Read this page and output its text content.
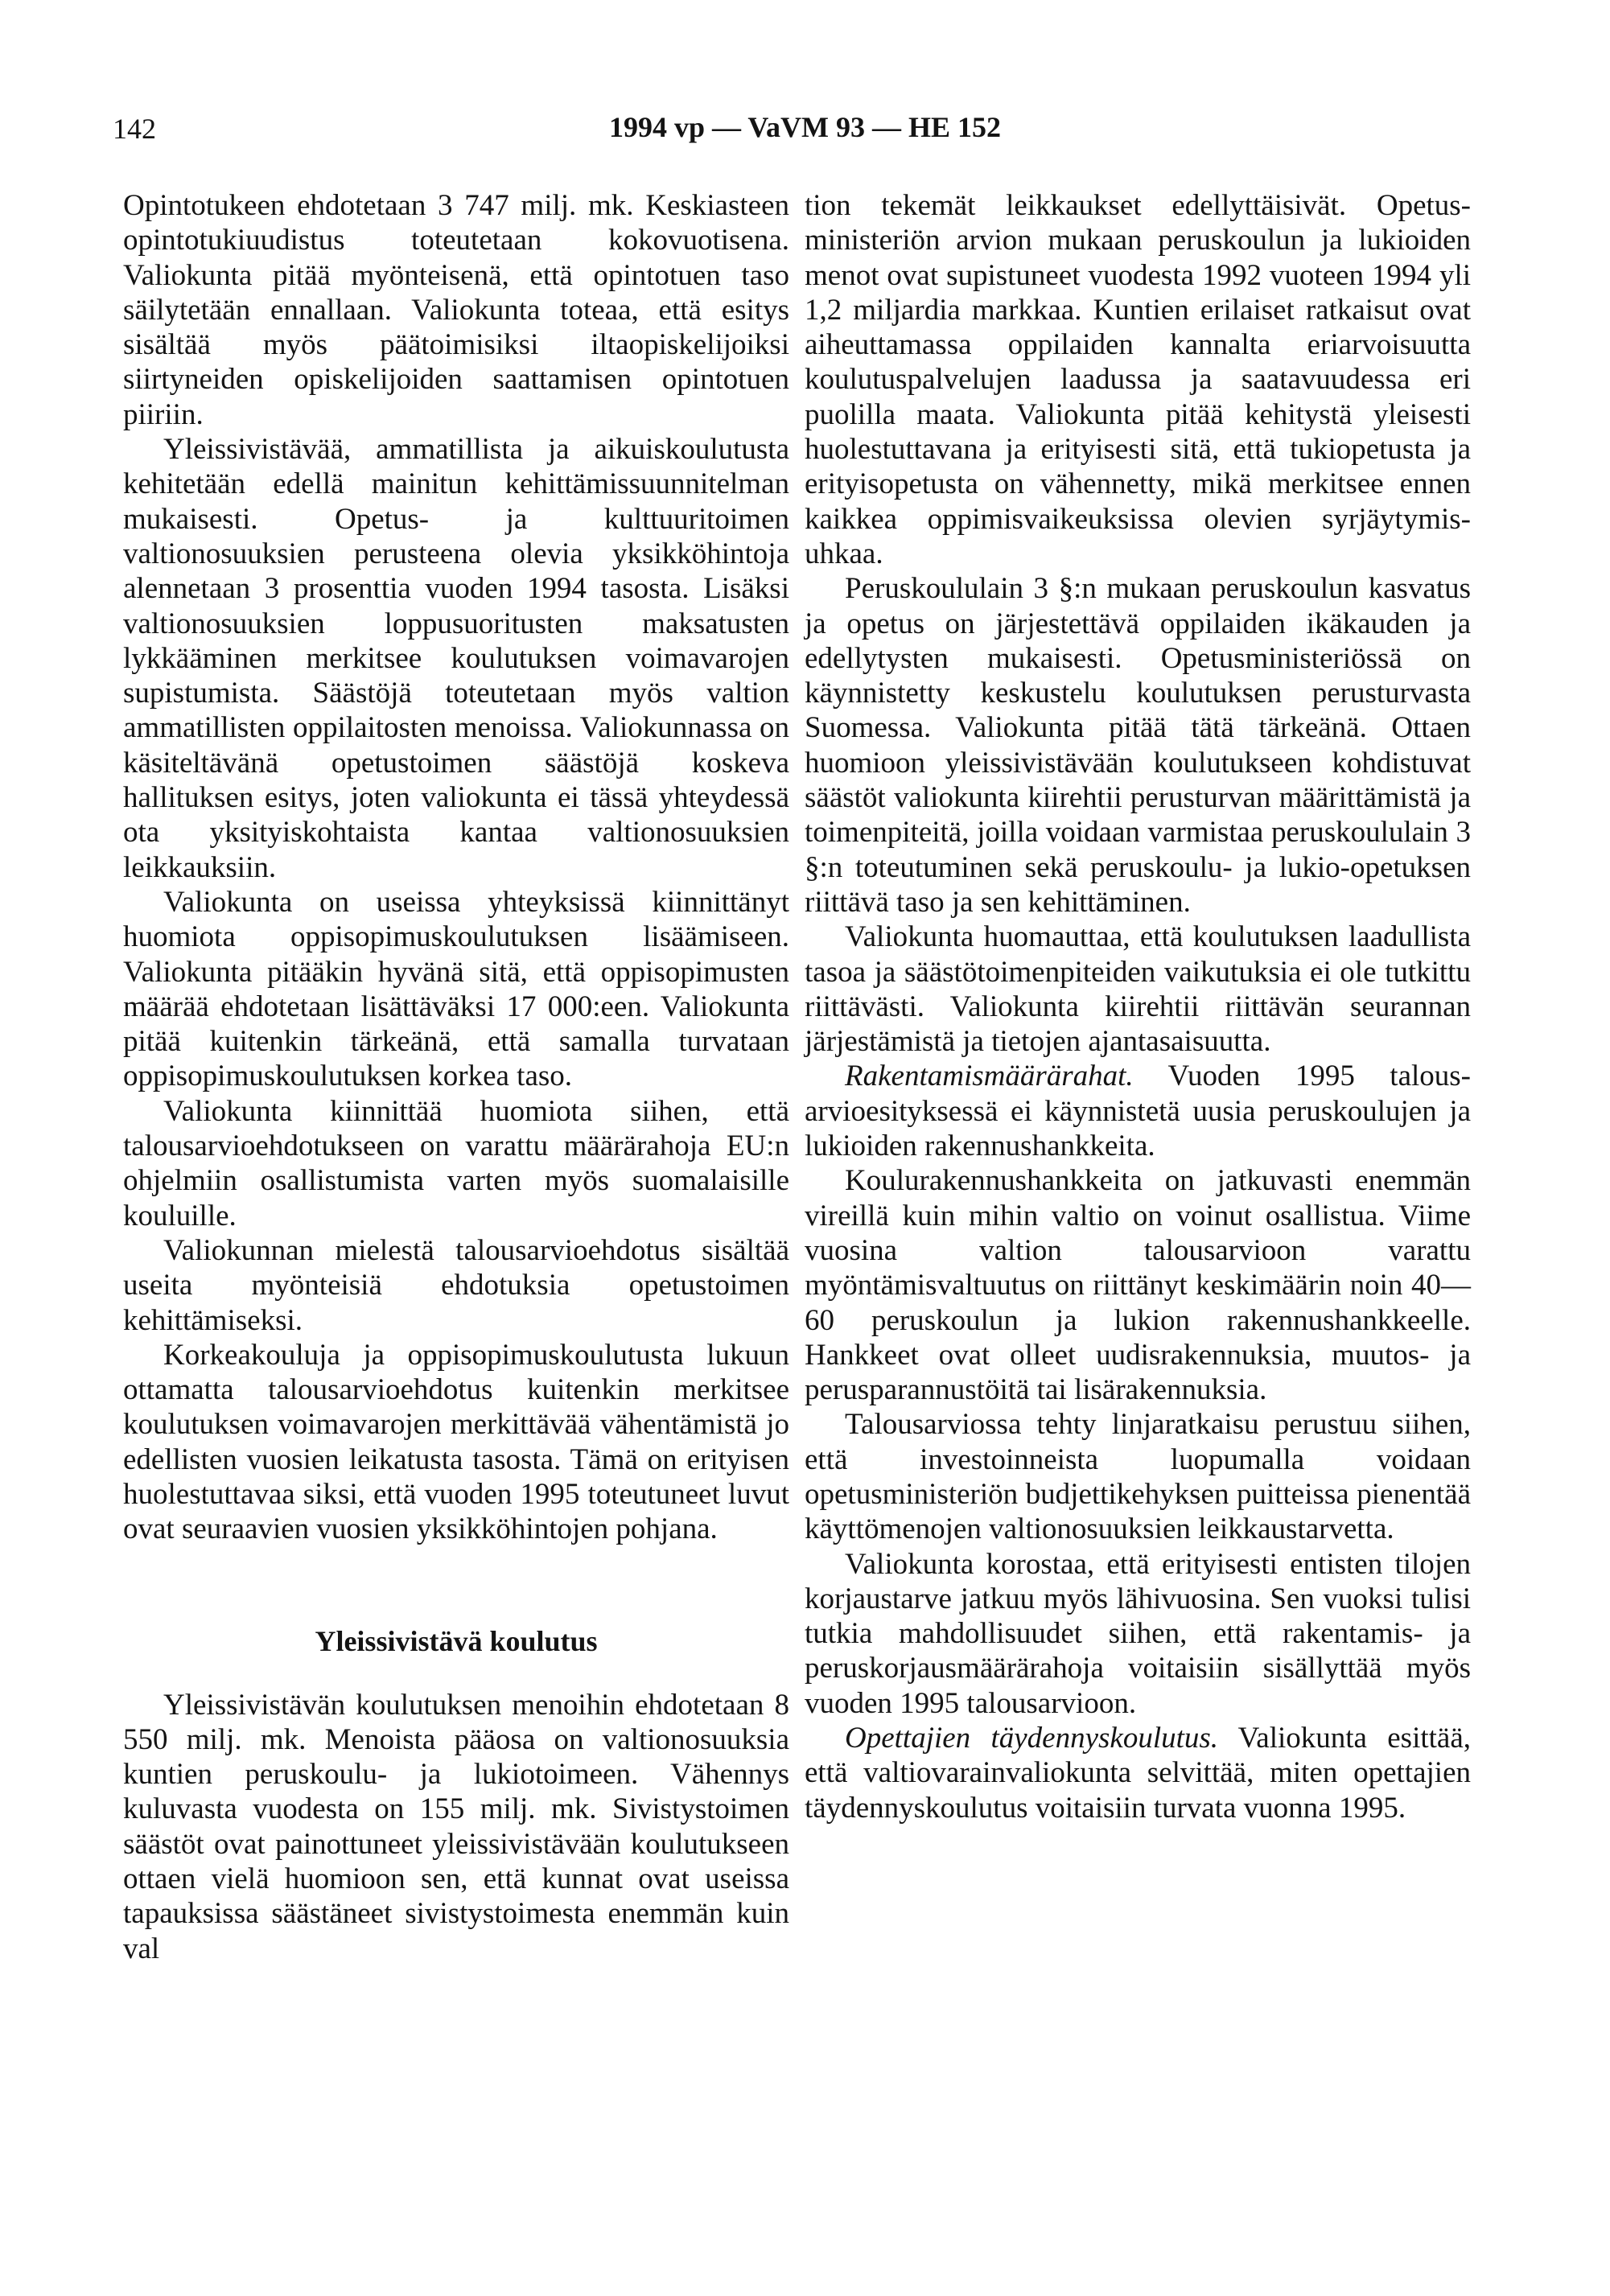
142	1994 vp — VaVM 93 — HE 152

Opintotukeen ehdotetaan 3 747 milj. mk. Keskiasteen opintotukiuudistus toteutetaan kokovuotisena. Valiokunta pitää myönteisenä, että opintotuen taso säilytetään ennallaan. Valiokunta toteaa, että esitys sisältää myös päätoimisiksi iltaopiskelijoiksi siirtyneiden opiskelijoiden saattamisen opintotuen piiriin.

Yleissivistävää, ammatillista ja aikuiskoulutusta kehitetään edellä mainitun kehittämissuunnitelman mukaisesti. Opetus- ja kulttuuritoimen valtionosuuksien perusteena olevia yksikköhintoja alennetaan 3 prosenttia vuoden 1994 tasosta. Lisäksi valtionosuuksien loppusuoritusten maksatusten lykkääminen merkitsee koulutuksen voimavarojen supistumista. Säästöjä toteutetaan myös valtion ammatillisten oppilaitosten menoissa. Valiokunnassa on käsiteltävänä opetustoimen säästöjä koskeva hallituksen esitys, joten valiokunta ei tässä yhteydessä ota yksityiskohtaista kantaa valtionosuuksien leikkauksiin.

Valiokunta on useissa yhteyksissä kiinnittänyt huomiota oppisopimuskoulutuksen lisäämiseen. Valiokunta pitääkin hyvänä sitä, että oppisopimusten määrää ehdotetaan lisättäväksi 17 000:een. Valiokunta pitää kuitenkin tärkeänä, että samalla turvataan oppisopimuskoulutuksen korkea taso.

Valiokunta kiinnittää huomiota siihen, että talousarvioehdotukseen on varattu määrärahoja EU:n ohjelmiin osallistumista varten myös suomalaisille kouluille.

Valiokunnan mielestä talousarvioehdotus sisältää useita myönteisiä ehdotuksia opetustoimen kehittämiseksi.

Korkeakouluja ja oppisopimuskoulutusta lukuun ottamatta talousarvioehdotus kuitenkin merkitsee koulutuksen voimavarojen merkittävää vähentämistä jo edellisten vuosien leikatusta tasosta. Tämä on erityisen huolestuttavaa siksi, että vuoden 1995 toteutuneet luvut ovat seuraavien vuosien yksikköhintojen pohjana.

Yleissivistävä koulutus

Yleissivistävän koulutuksen menoihin ehdotetaan 8 550 milj. mk. Menoista pääosa on valtionosuuksia kuntien peruskoulu- ja lukiotoimeen. Vähennys kuluvasta vuodesta on 155 milj. mk. Sivistystoimen säästöt ovat painottuneet yleissivistävään koulutukseen ottaen vielä huomioon sen, että kunnat ovat useissa tapauksissa säästäneet sivistystoimesta enemmän kuin val

tion tekemät leikkaukset edellyttäisivät. Opetusministeriön arvion mukaan peruskoulun ja lukioiden menot ovat supistuneet vuodesta 1992 vuoteen 1994 yli 1,2 miljardia markkaa. Kuntien erilaiset ratkaisut ovat aiheuttamassa oppilaiden kannalta eriarvoisuutta koulutuspalvelujen laadussa ja saatavuudessa eri puolilla maata. Valiokunta pitää kehitystä yleisesti huolestuttavana ja erityisesti sitä, että tukiopetusta ja erityisopetusta on vähennetty, mikä merkitsee ennen kaikkea oppimisvaikeuksissa olevien syrjäytymisuhkaa.

Peruskoululain 3 §:n mukaan peruskoulun kasvatus ja opetus on järjestettävä oppilaiden ikäkauden ja edellytysten mukaisesti. Opetusministeriössä on käynnistetty keskustelu koulutuksen perusturvasta Suomessa. Valiokunta pitää tätä tärkeänä. Ottaen huomioon yleissivistävään koulutukseen kohdistuvat säästöt valiokunta kiirehtii perusturvan määrittämistä ja toimenpiteitä, joilla voidaan varmistaa peruskoululain 3 §:n toteutuminen sekä peruskoulu- ja lukio-opetuksen riittävä taso ja sen kehittäminen.

Valiokunta huomauttaa, että koulutuksen laadullista tasoa ja säästötoimenpiteiden vaikutuksia ei ole tutkittu riittävästi. Valiokunta kiirehtii riittävän seurannan järjestämistä ja tietojen ajantasaisuutta.

Rakentamismäärärahat. Vuoden 1995 talousarvioesityksessä ei käynnistetä uusia peruskoulujen ja lukioiden rakennushankkeita.

Koulurakennushankkeita on jatkuvasti enemmän vireillä kuin mihin valtio on voinut osallistua. Viime vuosina valtion talousarvioon varattu myöntämisvaltuutus on riittänyt keskimäärin noin 40—60 peruskoulun ja lukion rakennushankkeelle. Hankkeet ovat olleet uudisrakennuksia, muutos- ja perusparannustöitä tai lisärakennuksia.

Talousarviossa tehty linjaratkaisu perustuu siihen, että investoinneista luopumalla voidaan opetusministeriön budjettikehyksen puitteissa pienentää käyttömenojen valtionosuuksien leikkaustarvetta.

Valiokunta korostaa, että erityisesti entisten tilojen korjaustarve jatkuu myös lähivuosina. Sen vuoksi tulisi tutkia mahdollisuudet siihen, että rakentamis- ja peruskorjausmäärärahoja voitaisiin sisällyttää myös vuoden 1995 talousarvioon.

Opettajien täydennyskoulutus. Valiokunta esittää, että valtiovarainvaliokunta selvittää, miten opettajien täydennyskoulutus voitaisiin turvata vuonna 1995.
